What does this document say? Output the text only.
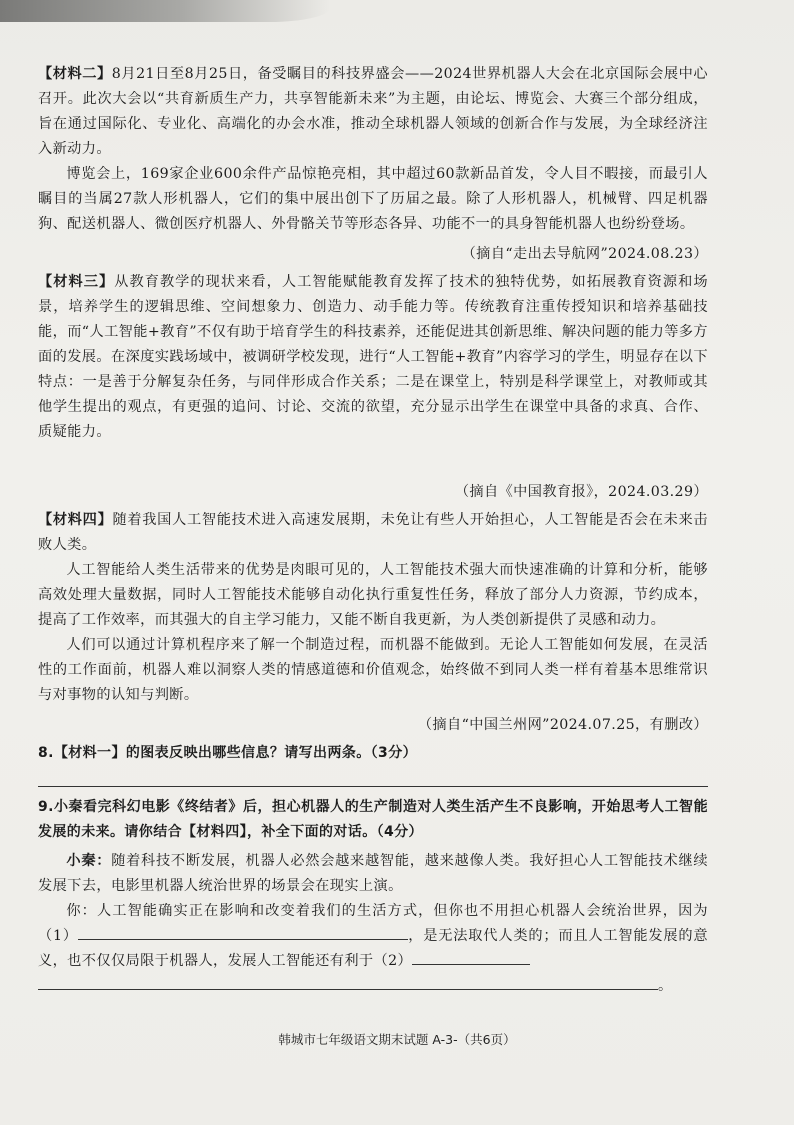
【材料二】8月21日至8月25日，备受瞩目的科技界盛会——2024世界机器人大会在北京国际会展中心召开。此次大会以“共育新质生产力，共享智能新未来”为主题，由论坛、博览会、大赛三个部分组成，旨在通过国际化、专业化、高端化的办会水准，推动全球机器人领域的创新合作与发展，为全球经济注入新动力。

博览会上，169家企业600余件产品惊艳亮相，其中超过60款新品首发，令人目不暇接，而最引人瞩目的当属27款人形机器人，它们的集中展出创下了历届之最。除了人形机器人，机械臂、四足机器狗、配送机器人、微创医疗机器人、外骨骼关节等形态各异、功能不一的具身智能机器人也纷纷登场。

（摘自“走出去导航网”2024.08.23）

【材料三】从教育教学的现状来看，人工智能赋能教育发挥了技术的独特优势，如拓展教育资源和场景，培养学生的逻辑思维、空间想象力、创造力、动手能力等。传统教育注重传授知识和培养基础技能，而“人工智能+教育”不仅有助于培育学生的科技素养，还能促进其创新思维、解决问题的能力等多方面的发展。在深度实践场域中，被调研学校发现，进行“人工智能+教育”内容学习的学生，明显存在以下特点：一是善于分解复杂任务，与同伴形成合作关系；二是在课堂上，特别是科学课堂上，对教师或其他学生提出的观点，有更强的追问、讨论、交流的欲望，充分显示出学生在课堂中具备的求真、合作、质疑能力。

（摘自《中国教育报》，2024.03.29）

【材料四】随着我国人工智能技术进入高速发展期，未免让有些人开始担心，人工智能是否会在未来击败人类。

人工智能给人类生活带来的优势是肉眼可见的，人工智能技术强大而快速准确的计算和分析，能够高效处理大量数据，同时人工智能技术能够自动化执行重复性任务，释放了部分人力资源，节约成本，提高了工作效率，而其强大的自主学习能力，又能不断自我更新，为人类创新提供了灵感和动力。

人们可以通过计算机程序来了解一个制造过程，而机器不能做到。无论人工智能如何发展，在灵活性的工作面前，机器人难以洞察人类的情感道德和价值观念，始终做不到同人类一样有着基本思维常识与对事物的认知与判断。

（摘自“中国兰州网”2024.07.25，有删改）

8.【材料一】的图表反映出哪些信息？请写出两条。（3分）

9.小秦看完科幻电影《终结者》后，担心机器人的生产制造对人类生活产生不良影响，开始思考人工智能发展的未来。请你结合【材料四】，补全下面的对话。（4分）

小秦：随着科技不断发展，机器人必然会越来越智能，越来越像人类。我好担心人工智能技术继续发展下去，电影里机器人统治世界的场景会在现实上演。

你：人工智能确实正在影响和改变着我们的生活方式，但你也不用担心机器人会统治世界，因为（1）	，是无法取代人类的；而且人工智能发展的意义，也不仅仅局限于机器人，发展人工智能还有利于（2）

。

韩城市七年级语文期末试题 A-3-（共6页）
